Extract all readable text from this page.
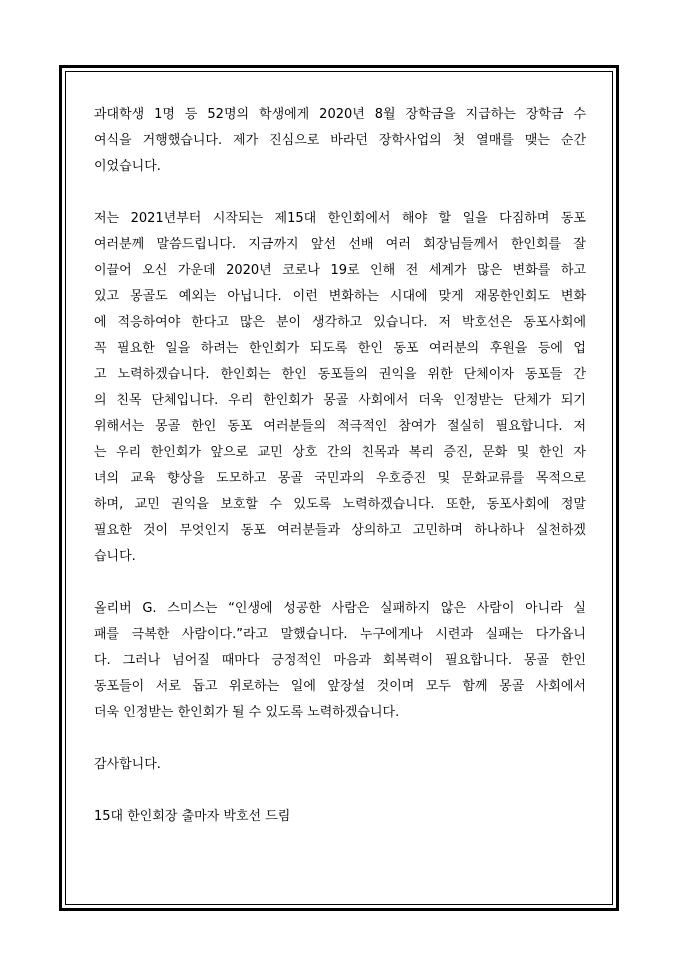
과대학생 1명 등 52명의 학생에게 2020년 8월 장학금을 지급하는 장학금 수
여식을 거행했습니다. 제가 진심으로 바라던 장학사업의 첫 열매를 맺는 순간
이었습니다.

저는 2021년부터 시작되는 제15대 한인회에서 해야 할 일을 다짐하며 동포
여러분께 말씀드립니다. 지금까지 앞선 선배 여러 회장님들께서 한인회를 잘
이끌어 오신 가운데 2020년 코로나 19로 인해 전 세계가 많은 변화를 하고
있고 몽골도 예외는 아닙니다. 이런 변화하는 시대에 맞게 재몽한인회도 변화
에 적응하여야 한다고 많은 분이 생각하고 있습니다. 저 박호선은 동포사회에
꼭 필요한 일을 하려는 한인회가 되도록 한인 동포 여러분의 후원을 등에 업
고 노력하겠습니다. 한인회는 한인 동포들의 권익을 위한 단체이자 동포들 간
의 친목 단체입니다. 우리 한인회가 몽골 사회에서 더욱 인정받는 단체가 되기
위해서는 몽골 한인 동포 여러분들의 적극적인 참여가 절실히 필요합니다. 저
는 우리 한인회가 앞으로 교민 상호 간의 친목과 복리 증진, 문화 및 한인 자
녀의 교육 향상을 도모하고 몽골 국민과의 우호증진 및 문화교류를 목적으로
하며, 교민 권익을 보호할 수 있도록 노력하겠습니다. 또한, 동포사회에 정말
필요한 것이 무엇인지 동포 여러분들과 상의하고 고민하며 하나하나 실천하겠
습니다.

올리버 G. 스미스는 “인생에 성공한 사람은 실패하지 않은 사람이 아니라 실
패를 극복한 사람이다.”라고 말했습니다. 누구에게나 시련과 실패는 다가옵니
다. 그러나 넘어질 때마다 긍정적인 마음과 회복력이 필요합니다. 몽골 한인
동포들이 서로 돕고 위로하는 일에 앞장설 것이며 모두 함께 몽골 사회에서
더욱 인정받는 한인회가 될 수 있도록 노력하겠습니다.

감사합니다.

15대 한인회장 출마자 박호선 드림
